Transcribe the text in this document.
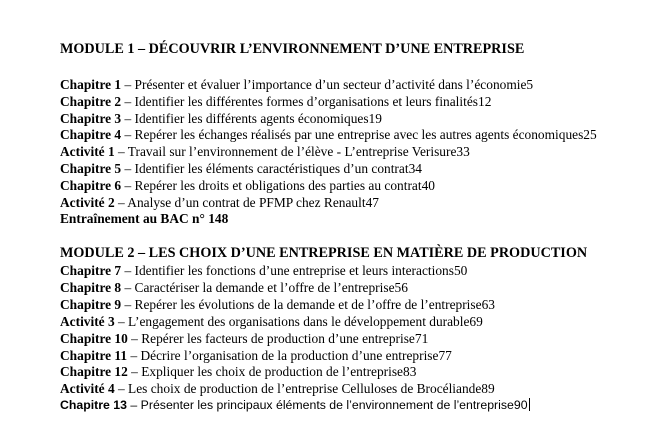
MODULE 1 – DÉCOUVRIR L’ENVIRONNEMENT D’UNE ENTREPRISE
Chapitre 1 – Présenter et évaluer l’importance d’un secteur d’activité dans l’économie5
Chapitre 2 – Identifier les différentes formes d’organisations et leurs finalités12
Chapitre 3 – Identifier les différents agents économiques19
Chapitre 4 – Repérer les échanges réalisés par une entreprise avec les autres agents économiques25
Activité 1 – Travail sur l’environnement de l’élève - L’entreprise Verisure33
Chapitre 5 – Identifier les éléments caractéristiques d’un contrat34
Chapitre 6 – Repérer les droits et obligations des parties au contrat40
Activité 2 – Analyse d’un contrat de PFMP chez Renault47
Entraînement au BAC n° 148
MODULE 2 – LES CHOIX D’UNE ENTREPRISE EN MATIÈRE DE PRODUCTION
Chapitre 7 – Identifier les fonctions d’une entreprise et leurs interactions50
Chapitre 8 – Caractériser la demande et l’offre de l’entreprise56
Chapitre 9 – Repérer les évolutions de la demande et de l’offre de l’entreprise63
Activité 3 – L’engagement des organisations dans le développement durable69
Chapitre 10 – Repérer les facteurs de production d’une entreprise71
Chapitre 11 – Décrire l’organisation de la production d’une entreprise77
Chapitre 12 – Expliquer les choix de production de l’entreprise83
Activité 4 – Les choix de production de l’entreprise Celluloses de Brocéliande89
Chapitre 13 – Présenter les principaux éléments de l’environnement de l’entreprise90
